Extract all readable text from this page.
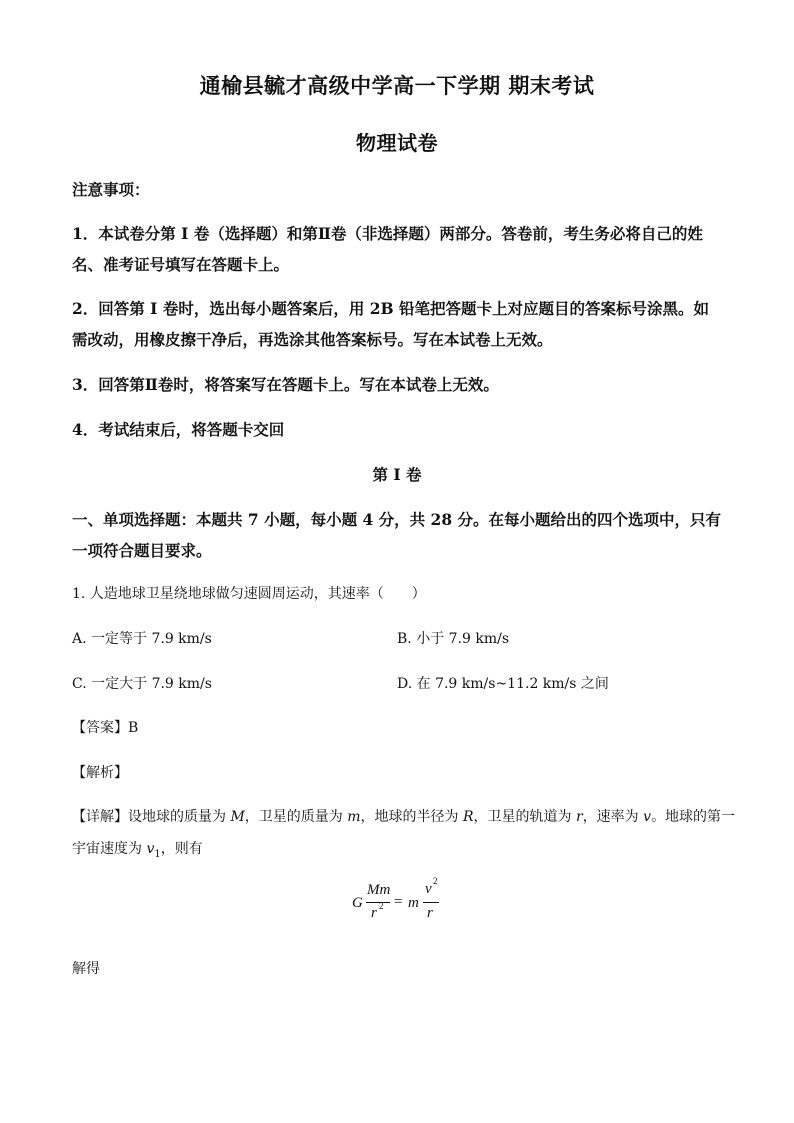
通榆县毓才高级中学高一下学期 期末考试
物理试卷
注意事项：
1．本试卷分第 I 卷（选择题）和第Ⅱ卷（非选择题）两部分。答卷前，考生务必将自己的姓
名、准考证号填写在答题卡上。
2．回答第 I 卷时，选出每小题答案后，用 2B 铅笔把答题卡上对应题目的答案标号涂黑。如
需改动，用橡皮擦干净后，再选涂其他答案标号。写在本试卷上无效。
3．回答第Ⅱ卷时，将答案写在答题卡上。写在本试卷上无效。
4．考试结束后，将答题卡交回
第 I 卷
一、单项选择题：本题共 7 小题，每小题 4 分，共 28 分。在每小题给出的四个选项中，只有
一项符合题目要求。
1. 人造地球卫星绕地球做匀速圆周运动，其速率（　　）
A. 一定等于 7.9 km/s	B. 小于 7.9 km/s
C. 一定大于 7.9 km/s	D. 在 7.9 km/s~11.2 km/s 之间
【答案】B
【解析】
【详解】设地球的质量为 M，卫星的质量为 m，地球的半径为 R，卫星的轨道为 r，速率为 v。地球的第一
宇宙速度为 $v_1$，则有
G
Mm
r 2 = m
v 2
r
解得
